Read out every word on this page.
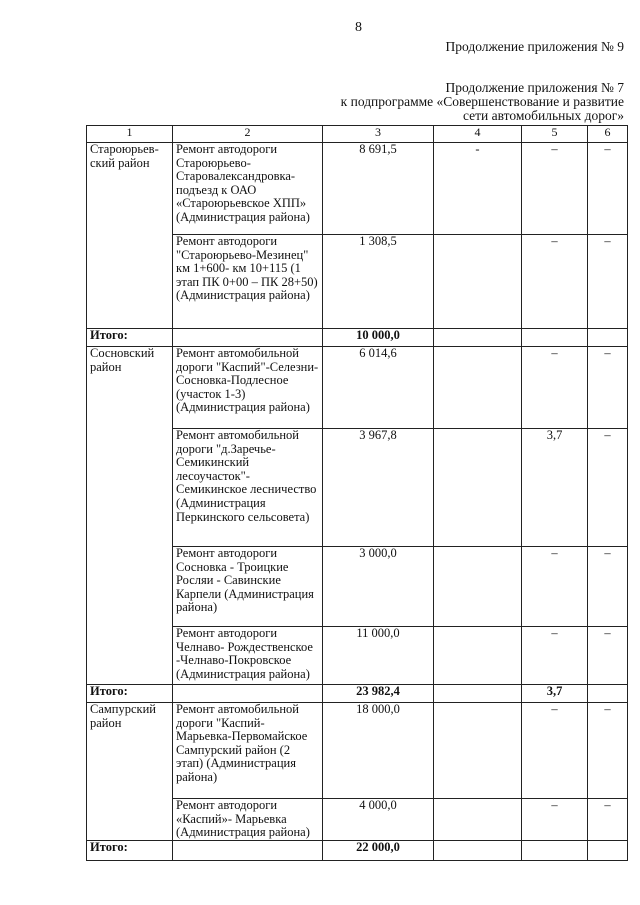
8
Продолжение приложения № 9
Продолжение приложения № 7
к подпрограмме «Совершенствование и развитие
сети автомобильных дорог»
1	2	3	4	5	6
Староюрьев-ский район	Ремонт автодороги Староюрьево-Старовалександровка-подъезд к ОАО «Староюрьевское ХПП» (Администрация района)	8 691,5	-	–	–
	Ремонт автодороги "Староюрьево-Мезинец" км 1+600- км 10+115 (1 этап ПК 0+00 – ПК 28+50) (Администрация района)	1 308,5		–	–
Итого:		10 000,0			
Сосновский район	Ремонт автомобильной дороги "Каспий"-Селезни-Сосновка-Подлесное (участок 1-3) (Администрация района)	6 014,6		–	–
	Ремонт автомобильной дороги "д.Заречье-Семикинский лесоучасток"-Семикинское лесничество (Администрация Перкинского сельсовета)	3 967,8		3,7	–
	Ремонт автодороги Сосновка - Троицкие Росляи - Савинские Карпели (Администрация района)	3 000,0		–	–
	Ремонт автодороги Челнаво- Рождественское -Челнаво-Покровское (Администрация района)	11 000,0		–	–
Итого:		23 982,4		3,7	
Сампурский район	Ремонт автомобильной дороги "Каспий-Марьевка-Первомайское Сампурский район (2 этап) (Администрация района)	18 000,0		–	–
	Ремонт автодороги «Каспий»- Марьевка (Администрация района)	4 000,0		–	–
Итого:		22 000,0			
